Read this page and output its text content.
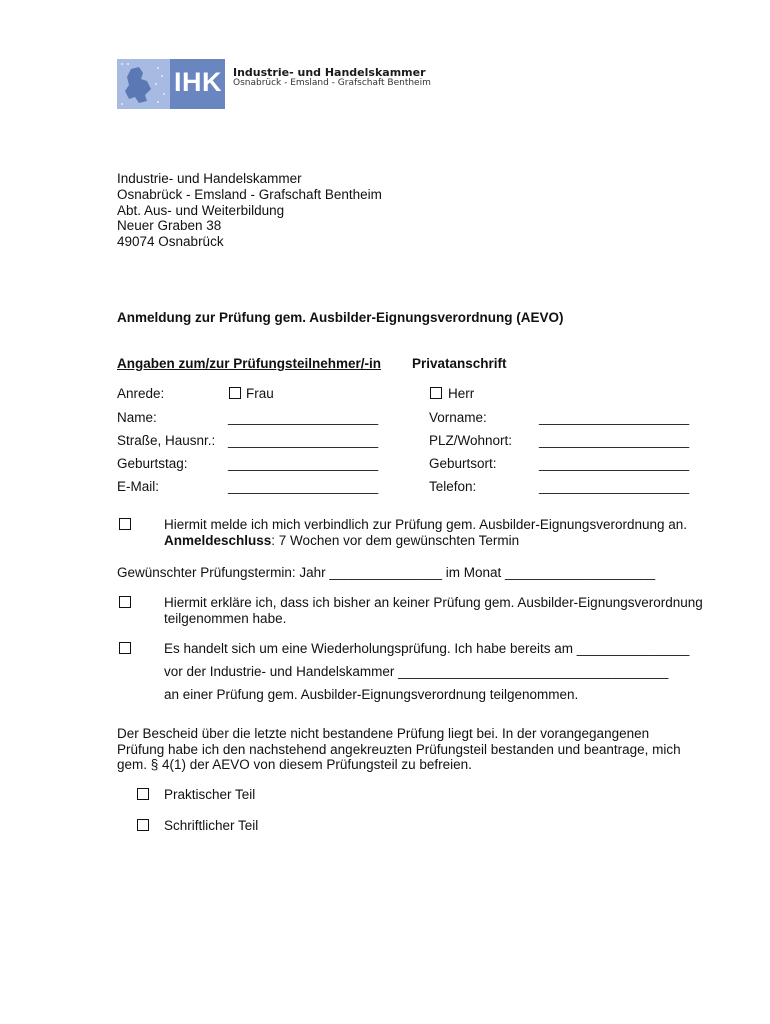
IHK Industrie- und Handelskammer
Osnabrück - Emsland - Grafschaft Bentheim
Industrie- und Handelskammer
Osnabrück - Emsland - Grafschaft Bentheim
Abt. Aus- und Weiterbildung
Neuer Graben 38
49074 Osnabrück
Anmeldung zur Prüfung gem. Ausbilder-Eignungsverordnung (AEVO)
Angaben zum/zur Prüfungsteilnehmer/-in Privatanschrift
Anrede:	Frau	Herr
Name:	____________________	Vorname:	____________________
Straße, Hausnr.: ____________________	PLZ/Wohnort: ____________________
Geburtstag:	____________________	Geburtsort:	____________________
E-Mail:	____________________	Telefon:	____________________
Hiermit melde ich mich verbindlich zur Prüfung gem. Ausbilder-Eignungsverordnung an.
Anmeldeschluss: 7 Wochen vor dem gewünschten Termin
Gewünschter Prüfungstermin: Jahr _______________ im Monat ____________________
Hiermit erkläre ich, dass ich bisher an keiner Prüfung gem. Ausbilder-Eignungsverordnung
teilgenommen habe.
Es handelt sich um eine Wiederholungsprüfung. Ich habe bereits am _______________
vor der Industrie- und Handelskammer ____________________________________
an einer Prüfung gem. Ausbilder-Eignungsverordnung teilgenommen.
Der Bescheid über die letzte nicht bestandene Prüfung liegt bei. In der vorangegangenen
Prüfung habe ich den nachstehend angekreuzten Prüfungsteil bestanden und beantrage, mich
gem. § 4(1) der AEVO von diesem Prüfungsteil zu befreien.
Praktischer Teil
Schriftlicher Teil
